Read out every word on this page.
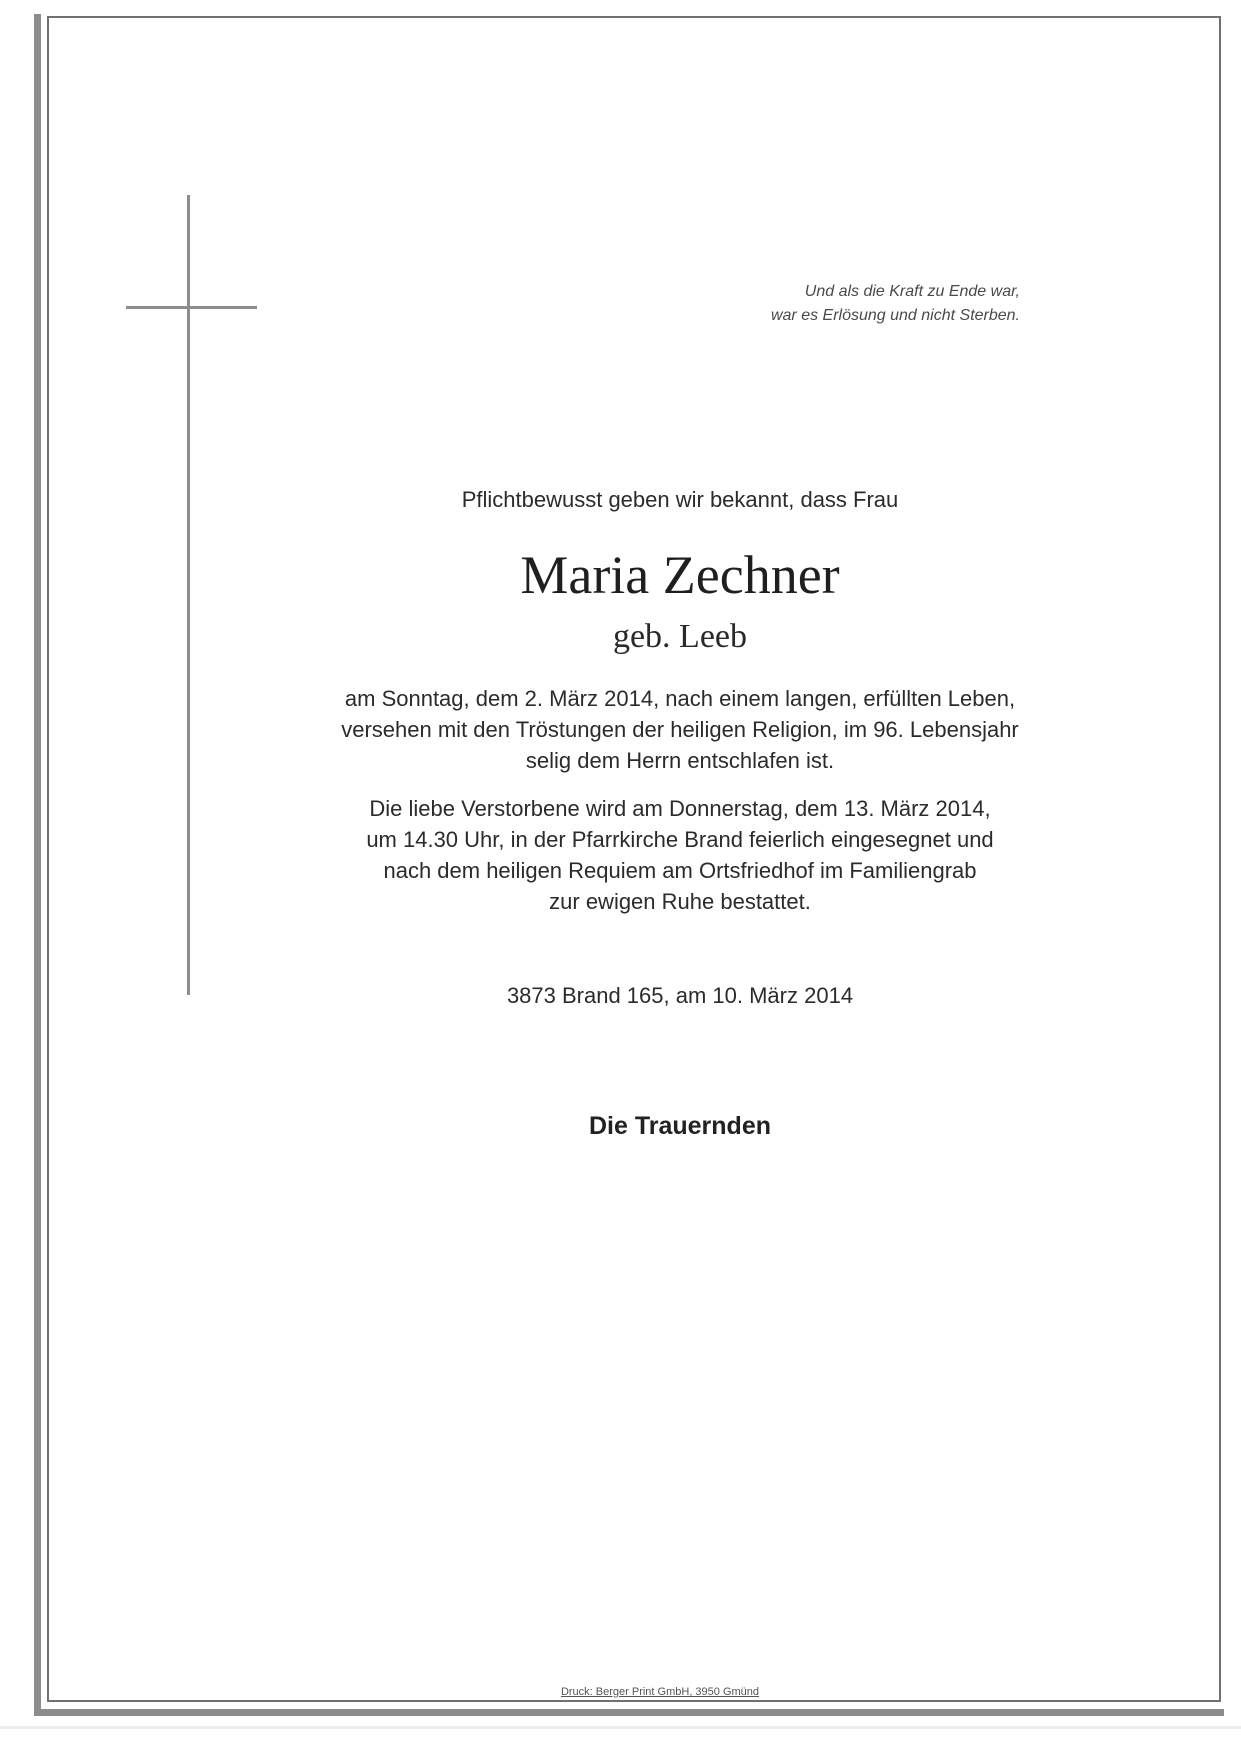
Und als die Kraft zu Ende war,
war es Erlösung und nicht Sterben.
Pflichtbewusst geben wir bekannt, dass Frau
Maria Zechner
geb. Leeb
am Sonntag, dem 2. März 2014, nach einem langen, erfüllten Leben,
versehen mit den Tröstungen der heiligen Religion, im 96. Lebensjahr
selig dem Herrn entschlafen ist.
Die liebe Verstorbene wird am Donnerstag, dem 13. März 2014,
um 14.30 Uhr, in der Pfarrkirche Brand feierlich eingesegnet und
nach dem heiligen Requiem am Ortsfriedhof im Familiengrab
zur ewigen Ruhe bestattet.
3873 Brand 165, am 10. März 2014
Die Trauernden
Druck: Berger Print GmbH, 3950 Gmünd
